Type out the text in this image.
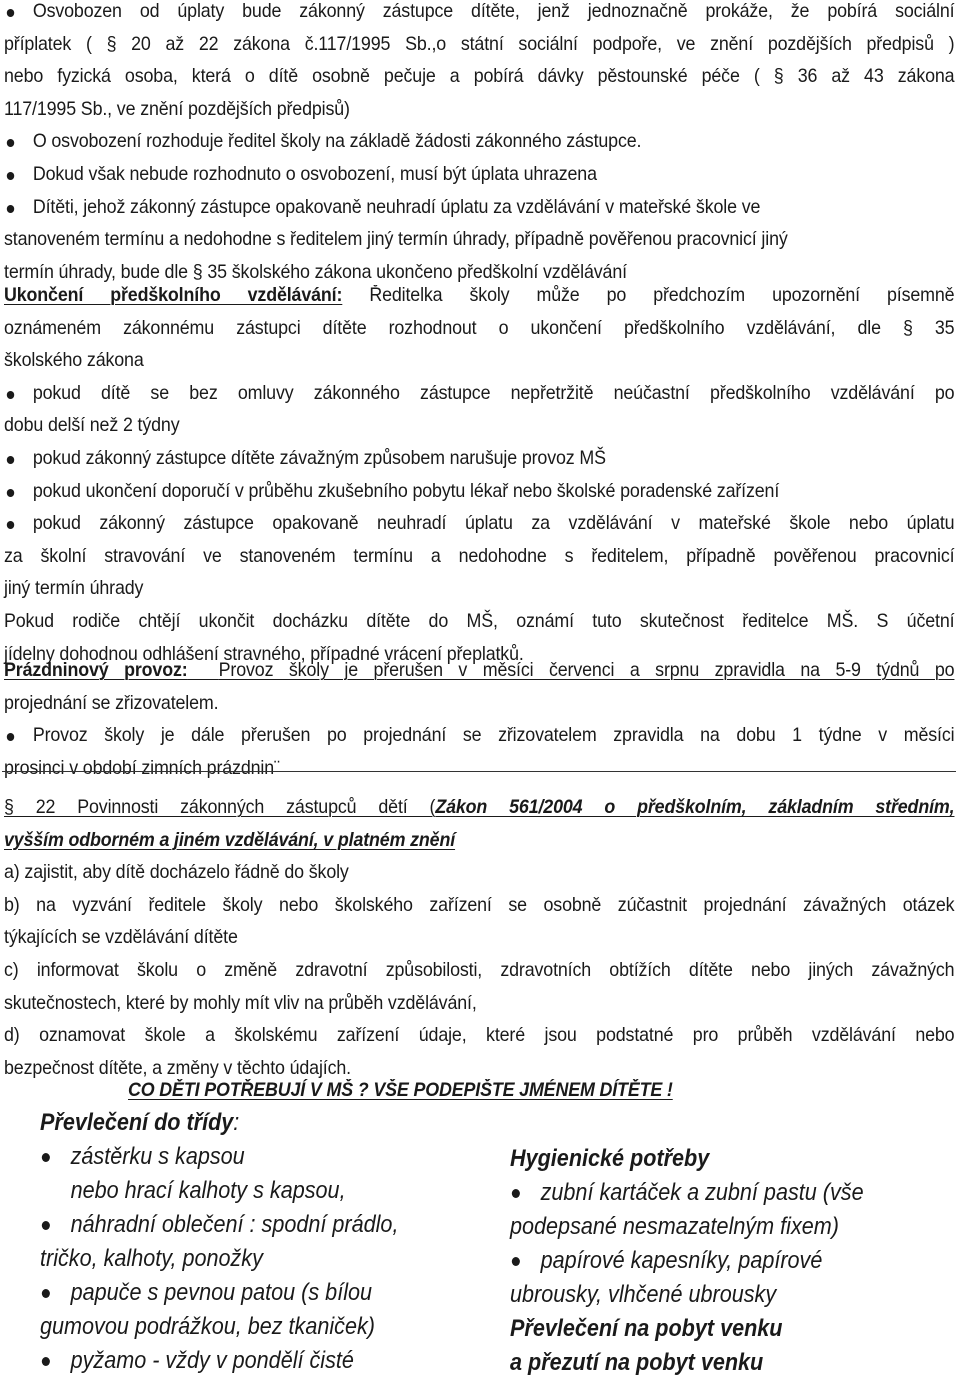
Osvobozen od úplaty bude zákonný zástupce dítěte, jenž jednoznačně prokáže, že pobírá sociální
příplatek ( § 20 až 22 zákona č.117/1995 Sb.,o státní sociální podpoře, ve znění pozdějších předpisů )
nebo fyzická osoba, která o dítě osobně pečuje a pobírá dávky pěstounské péče ( § 36 až 43 zákona
117/1995 Sb., ve znění pozdějších předpisů)
O osvobození rozhoduje ředitel školy na základě žádosti zákonného zástupce.
Dokud však nebude rozhodnuto o osvobození, musí být úplata uhrazena
Dítěti, jehož zákonný zástupce opakovaně neuhradí úplatu za vzdělávání v mateřské škole ve
stanoveném termínu a nedohodne s ředitelem jiný termín úhrady, případně pověřenou pracovnicí jiný
termín úhrady, bude dle § 35 školského zákona ukončeno předškolní vzdělávání
Ukončení předškolního vzdělávání: Ředitelka školy může po předchozím upozornění písemně
oznámeném zákonnému zástupci dítěte rozhodnout o ukončení předškolního vzdělávání, dle § 35
školského zákona
pokud dítě se bez omluvy zákonného zástupce nepřetržitě neúčastní předškolního vzdělávání po
dobu delší než 2 týdny
pokud zákonný zástupce dítěte závažným způsobem narušuje provoz MŠ
pokud ukončení doporučí v průběhu zkušebního pobytu lékař nebo školské poradenské zařízení
pokud zákonný zástupce opakovaně neuhradí úplatu za vzdělávání v mateřské škole nebo úplatu
za školní stravování ve stanoveném termínu a nedohodne s ředitelem, případně pověřenou pracovnicí
jiný termín úhrady
Pokud rodiče chtějí ukončit docházku dítěte do MŠ, oznámí tuto skutečnost ředitelce MŠ. S účetní
jídelny dohodnou odhlášení stravného, případné vrácení přeplatků.
Prázdninový provoz: Provoz školy je přerušen v měsíci červenci a srpnu zpravidla na 5-9 týdnů po
projednání se zřizovatelem.
Provoz školy je dále přerušen po projednání se zřizovatelem zpravidla na dobu 1 týdne v měsíci
prosinci v období zimních prázdnin¨
§ 22 Povinnosti zákonných zástupců dětí (Zákon 561/2004 o předškolním, základním středním,
vyšším odborném a jiném vzdělávání, v platném znění
a) zajistit, aby dítě docházelo řádně do školy
b) na vyzvání ředitele školy nebo školského zařízení se osobně zúčastnit projednání závažných otázek
týkajících se vzdělávání dítěte
c) informovat školu o změně zdravotní způsobilosti, zdravotních obtížích dítěte nebo jiných závažných
skutečnostech, které by mohly mít vliv na průběh vzdělávání,
d) oznamovat škole a školskému zařízení údaje, které jsou podstatné pro průběh vzdělávání nebo
bezpečnost dítěte, a změny v těchto údajích.
CO DĚTI POTŘEBUJÍ V MŠ ? VŠE PODEPIŠTE JMÉNEM DÍTĚTE !
Převlečení do třídy:
zástěrku s kapsou
nebo hrací kalhoty s kapsou,
náhradní oblečení : spodní prádlo,
tričko, kalhoty, ponožky
papuče s pevnou patou (s bílou
gumovou podrážkou, bez tkaniček)
pyžamo - vždy v pondělí čisté
Hygienické potřeby
zubní kartáček a zubní pastu (vše
podepsané nesmazatelným fixem)
papírové kapesníky, papírové
ubrousky, vlhčené ubrousky
Převlečení na pobyt venku
a přezutí na pobyt venku
